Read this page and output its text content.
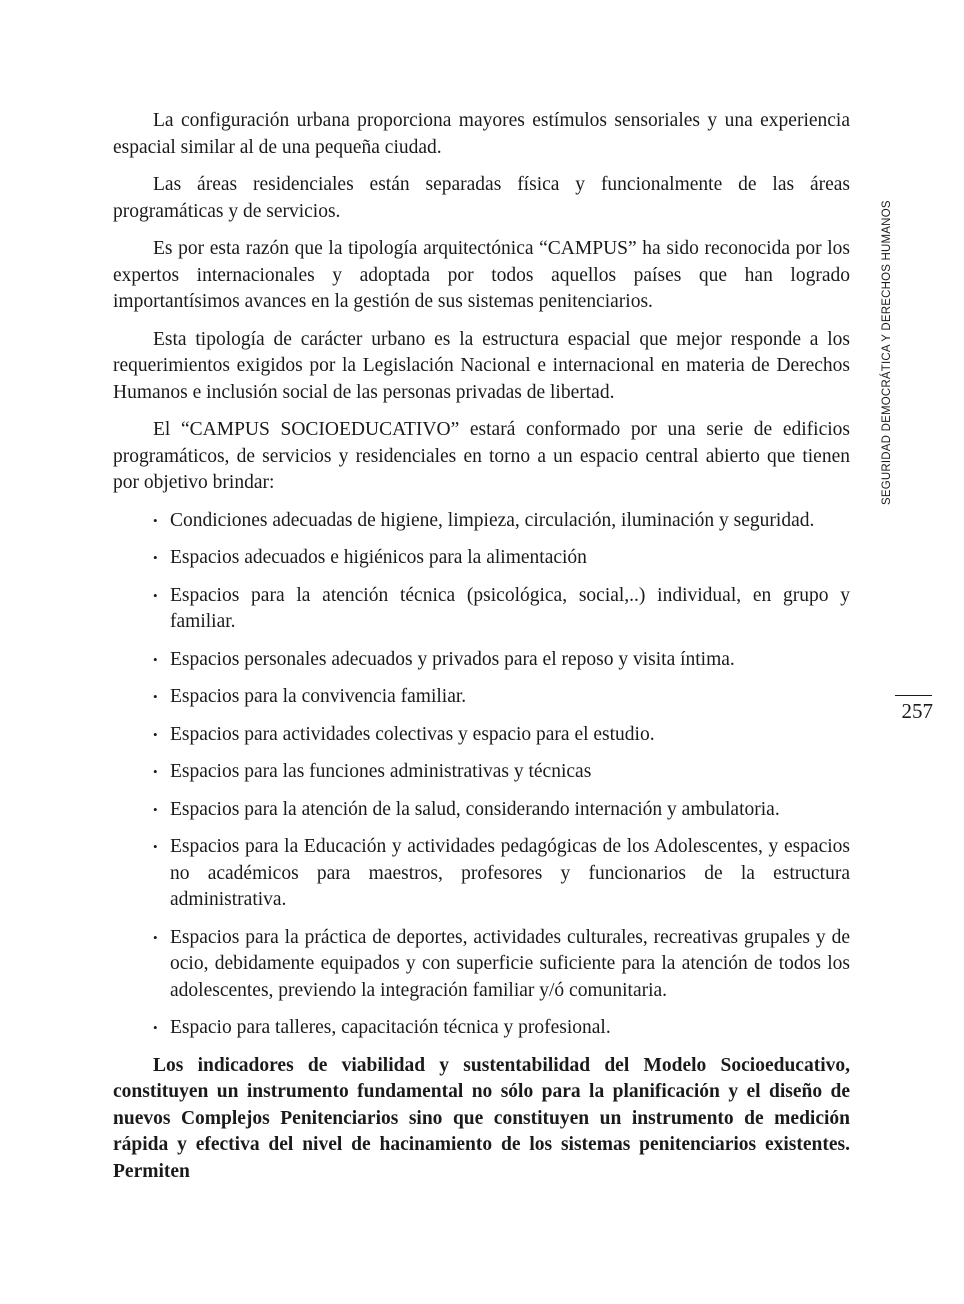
La configuración urbana proporciona mayores estímulos sensoriales y una experiencia espacial similar al de una pequeña ciudad.

Las áreas residenciales están separadas física y funcionalmente de las áreas programáticas y de servicios.

Es por esta razón que la tipología arquitectónica “CAMPUS” ha sido reconocida por los expertos internacionales y adoptada por todos aquellos países que han logrado importantísimos avances en la gestión de sus sistemas penitenciarios.

Esta tipología de carácter urbano es la estructura espacial que mejor responde a los requerimientos exigidos por la Legislación Nacional e internacional en materia de Derechos Humanos e inclusión social de las personas privadas de libertad.

El “CAMPUS SOCIOEDUCATIVO” estará conformado por una serie de edificios programáticos, de servicios y residenciales en torno a un espacio central abierto que tienen por objetivo brindar:

• Condiciones adecuadas de higiene, limpieza, circulación, iluminación y seguridad.
• Espacios adecuados e higiénicos para la alimentación
• Espacios para la atención técnica (psicológica, social,..) individual, en grupo y familiar.
• Espacios personales adecuados y privados para el reposo y visita íntima.
• Espacios para la convivencia familiar.
• Espacios para actividades colectivas y espacio para el estudio.
• Espacios para las funciones administrativas y técnicas
• Espacios para la atención de la salud, considerando internación y ambulatoria.
• Espacios para la Educación y actividades pedagógicas de los Adolescentes, y espacios no académicos para maestros, profesores y funcionarios de la estructura administrativa.
• Espacios para la práctica de deportes, actividades culturales, recreativas grupales y de ocio, debidamente equipados y con superficie suficiente para la atención de todos los adolescentes, previendo la integración familiar y/ó comunitaria.
• Espacio para talleres, capacitación técnica y profesional.

Los indicadores de viabilidad y sustentabilidad del Modelo Socioeducativo, constituyen un instrumento fundamental no sólo para la planificación y el diseño de nuevos Complejos Penitenciarios sino que constituyen un instrumento de medición rápida y efectiva del nivel de hacinamiento de los sistemas penitenciarios existentes. Permiten

SEGURIDAD DEMOCRÁTICA Y DERECHOS HUMANOS
257
